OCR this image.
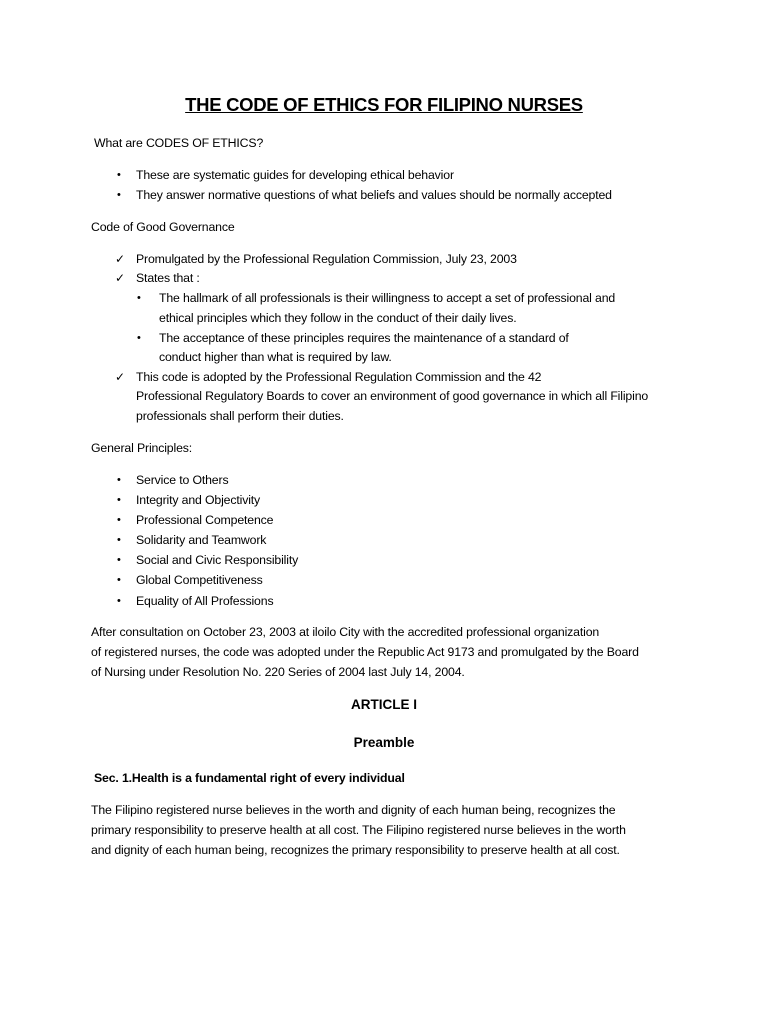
THE CODE OF ETHICS FOR FILIPINO NURSES

What are CODES OF ETHICS?

• These are systematic guides for developing ethical behavior

• They answer normative questions of what beliefs and values should be normally accepted

Code of Good Governance

✓ Promulgated by the Professional Regulation Commission, July 23, 2003

✓ States that :

• The hallmark of all professionals is their willingness to accept a set of professional and

ethical principles which they follow in the conduct of their daily lives.

• The acceptance of these principles requires the maintenance of a standard of

conduct higher than what is required by law.

✓ This code is adopted by the Professional Regulation Commission and the 42

Professional Regulatory Boards to cover an environment of good governance in which all Filipino

professionals shall perform their duties.

General Principles:

• Service to Others

• Integrity and Objectivity

• Professional Competence

• Solidarity and Teamwork

• Social and Civic Responsibility

• Global Competitiveness

• Equality of All Professions

After consultation on October 23, 2003 at iloilo City with the accredited professional organization

of registered nurses, the code was adopted under the Republic Act 9173 and promulgated by the Board

of Nursing under Resolution No. 220 Series of 2004 last July 14, 2004.

ARTICLE I

Preamble

Sec. 1.Health is a fundamental right of every individual

The Filipino registered nurse believes in the worth and dignity of each human being, recognizes the

primary responsibility to preserve health at all cost. The Filipino registered nurse believes in the worth

and dignity of each human being, recognizes the primary responsibility to preserve health at all cost.
